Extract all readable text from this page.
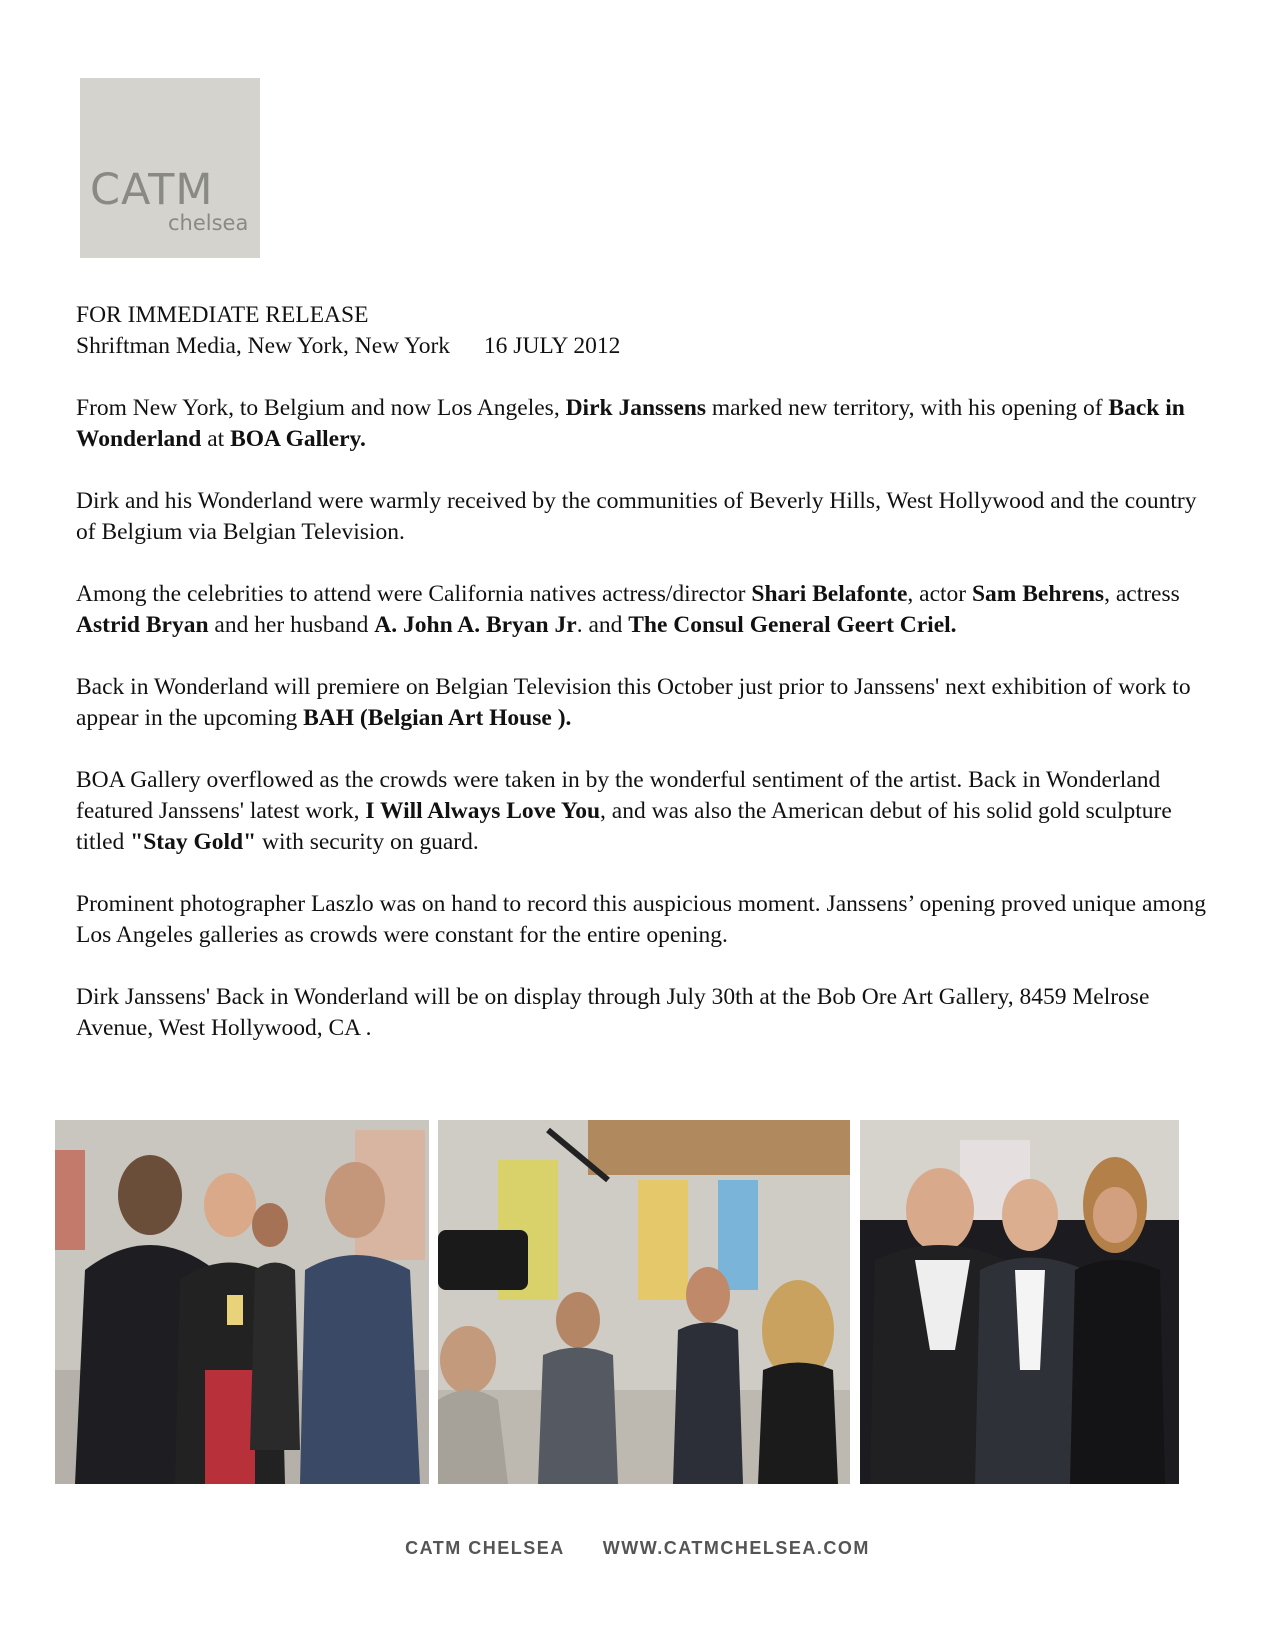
CATM
chelsea

FOR IMMEDIATE RELEASE
Shriftman Media, New York, New York 16 JULY 2012

From New York, to Belgium and now Los Angeles, Dirk Janssens marked new territory, with his opening of Back in Wonderland at BOA Gallery.

Dirk and his Wonderland were warmly received by the communities of Beverly Hills, West Hollywood and the country of Belgium via Belgian Television.

Among the celebrities to attend were California natives actress/director Shari Belafonte, actor Sam Behrens, actress Astrid Bryan and her husband A. John A. Bryan Jr. and The Consul General Geert Criel.

Back in Wonderland will premiere on Belgian Television this October just prior to Janssens' next exhibition of work to appear in the upcoming BAH (Belgian Art House ).

BOA Gallery overflowed as the crowds were taken in by the wonderful sentiment of the artist. Back in Wonderland featured Janssens' latest work, I Will Always Love You, and was also the American debut of his solid gold sculpture titled "Stay Gold" with security on guard.

Prominent photographer Laszlo was on hand to record this auspicious moment. Janssens’ opening proved unique among Los Angeles galleries as crowds were constant for the entire opening.

Dirk Janssens' Back in Wonderland will be on display through July 30th at the Bob Ore Art Gallery, 8459 Melrose Avenue, West Hollywood, CA .

CATM CHELSEA WWW.CATMCHELSEA.COM
